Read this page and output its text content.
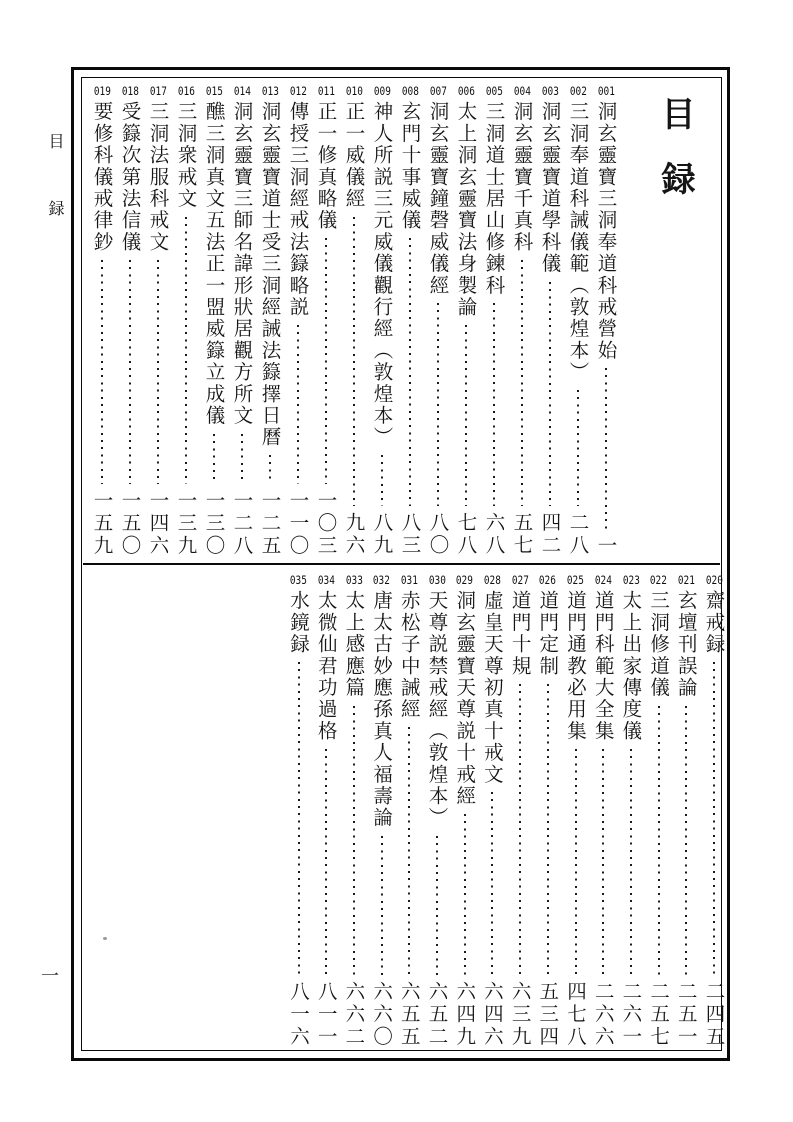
目録
一
目録
001
洞玄靈寶三洞奉道科戒營始
一
002
三洞奉道科誡儀範（敦煌本）
二八
003
洞玄靈寶道學科儀
四二
004
洞玄靈寶千真科
五七
005
三洞道士居山修鍊科
六八
006
太上洞玄靈寶法身製論
七八
007
洞玄靈寶鐘磬威儀經
八〇
008
玄門十事威儀
八三
009
神人所説三元威儀觀行經（敦煌本）
八九
010
正一威儀經
九六
011
正一修真略儀
一〇三
012
傳授三洞經戒法籙略説
一一〇
013
洞玄靈寶道士受三洞經誡法籙擇日曆
一二五
014
洞玄靈寶三師名諱形狀居觀方所文
一二八
015
醮三洞真文五法正一盟威籙立成儀
一三〇
016
三洞衆戒文
一三九
017
三洞法服科戒文
一四六
018
受籙次第法信儀
一五〇
019
要修科儀戒律鈔
一五九
020
齋戒録
二四五
021
玄壇刊誤論
二五一
022
三洞修道儀
二五七
023
太上出家傳度儀
二六一
024
道門科範大全集
二六六
025
道門通教必用集
四七八
026
道門定制
五三四
027
道門十規
六三九
028
虛皇天尊初真十戒文
六四六
029
洞玄靈寶天尊説十戒經
六四九
030
天尊説禁戒經（敦煌本）
六五二
031
赤松子中誡經
六五五
032
唐太古妙應孫真人福壽論
六六〇
033
太上感應篇
六六二
034
太微仙君功過格
八一一
035
水鏡録
八一六
